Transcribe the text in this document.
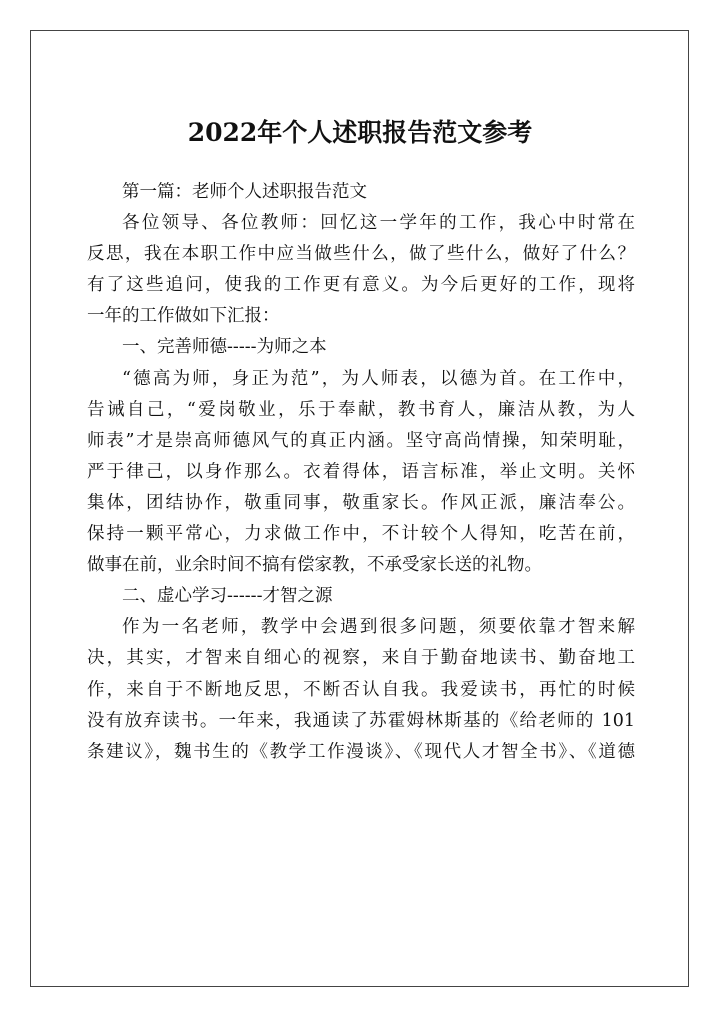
2022年个人述职报告范文参考
第一篇：老师个人述职报告范文
各位领导、各位教师：回忆这一学年的工作，我心中时常在
反思，我在本职工作中应当做些什么，做了些什么，做好了什么？
有了这些追问，使我的工作更有意义。为今后更好的工作，现将
一年的工作做如下汇报：
一、完善师德-----为师之本
“德高为师，身正为范”，为人师表，以德为首。在工作中，
告诫自己，“爱岗敬业，乐于奉献，教书育人，廉洁从教，为人
师表”才是崇高师德风气的真正内涵。坚守高尚情操，知荣明耻，
严于律己，以身作那么。衣着得体，语言标准，举止文明。关怀
集体，团结协作，敬重同事，敬重家长。作风正派，廉洁奉公。
保持一颗平常心，力求做工作中，不计较个人得知，吃苦在前，
做事在前，业余时间不搞有偿家教，不承受家长送的礼物。
二、虚心学习------才智之源
作为一名老师，教学中会遇到很多问题，须要依靠才智来解
决，其实，才智来自细心的视察，来自于勤奋地读书、勤奋地工
作，来自于不断地反思，不断否认自我。我爱读书，再忙的时候
没有放弃读书。一年来，我通读了苏霍姆林斯基的《给老师的 101
条建议》，魏书生的《教学工作漫谈》、《现代人才智全书》、《道德
